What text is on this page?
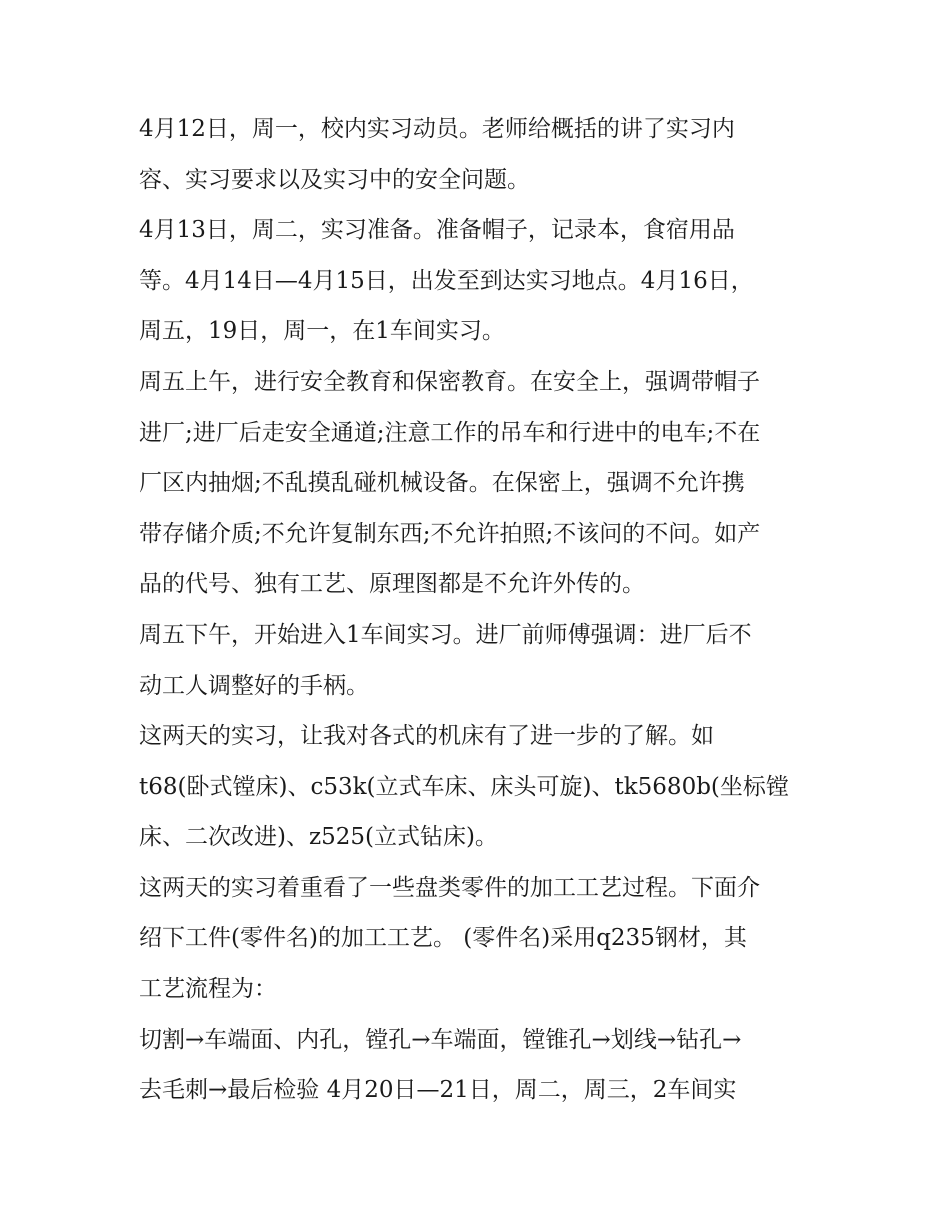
4月12日，周一，校内实习动员。老师给概括的讲了实习内
容、实习要求以及实习中的安全问题。
4月13日，周二，实习准备。准备帽子，记录本，食宿用品
等。4月14日—4月15日，出发至到达实习地点。4月16日，
周五，19日，周一，在1车间实习。
周五上午，进行安全教育和保密教育。在安全上，强调带帽子
进厂;进厂后走安全通道;注意工作的吊车和行进中的电车;不在
厂区内抽烟;不乱摸乱碰机械设备。在保密上，强调不允许携
带存储介质;不允许复制东西;不允许拍照;不该问的不问。如产
品的代号、独有工艺、原理图都是不允许外传的。
周五下午，开始进入1车间实习。进厂前师傅强调：进厂后不
动工人调整好的手柄。
这两天的实习，让我对各式的机床有了进一步的了解。如
t68(卧式镗床)、c53k(立式车床、床头可旋)、tk5680b(坐标镗
床、二次改进)、z525(立式钻床)。
这两天的实习着重看了一些盘类零件的加工工艺过程。下面介
绍下工件(零件名)的加工工艺。 (零件名)采用q235钢材，其
工艺流程为：
切割→车端面、内孔，镗孔→车端面，镗锥孔→划线→钻孔→
去毛刺→最后检验 4月20日—21日，周二，周三，2车间实
